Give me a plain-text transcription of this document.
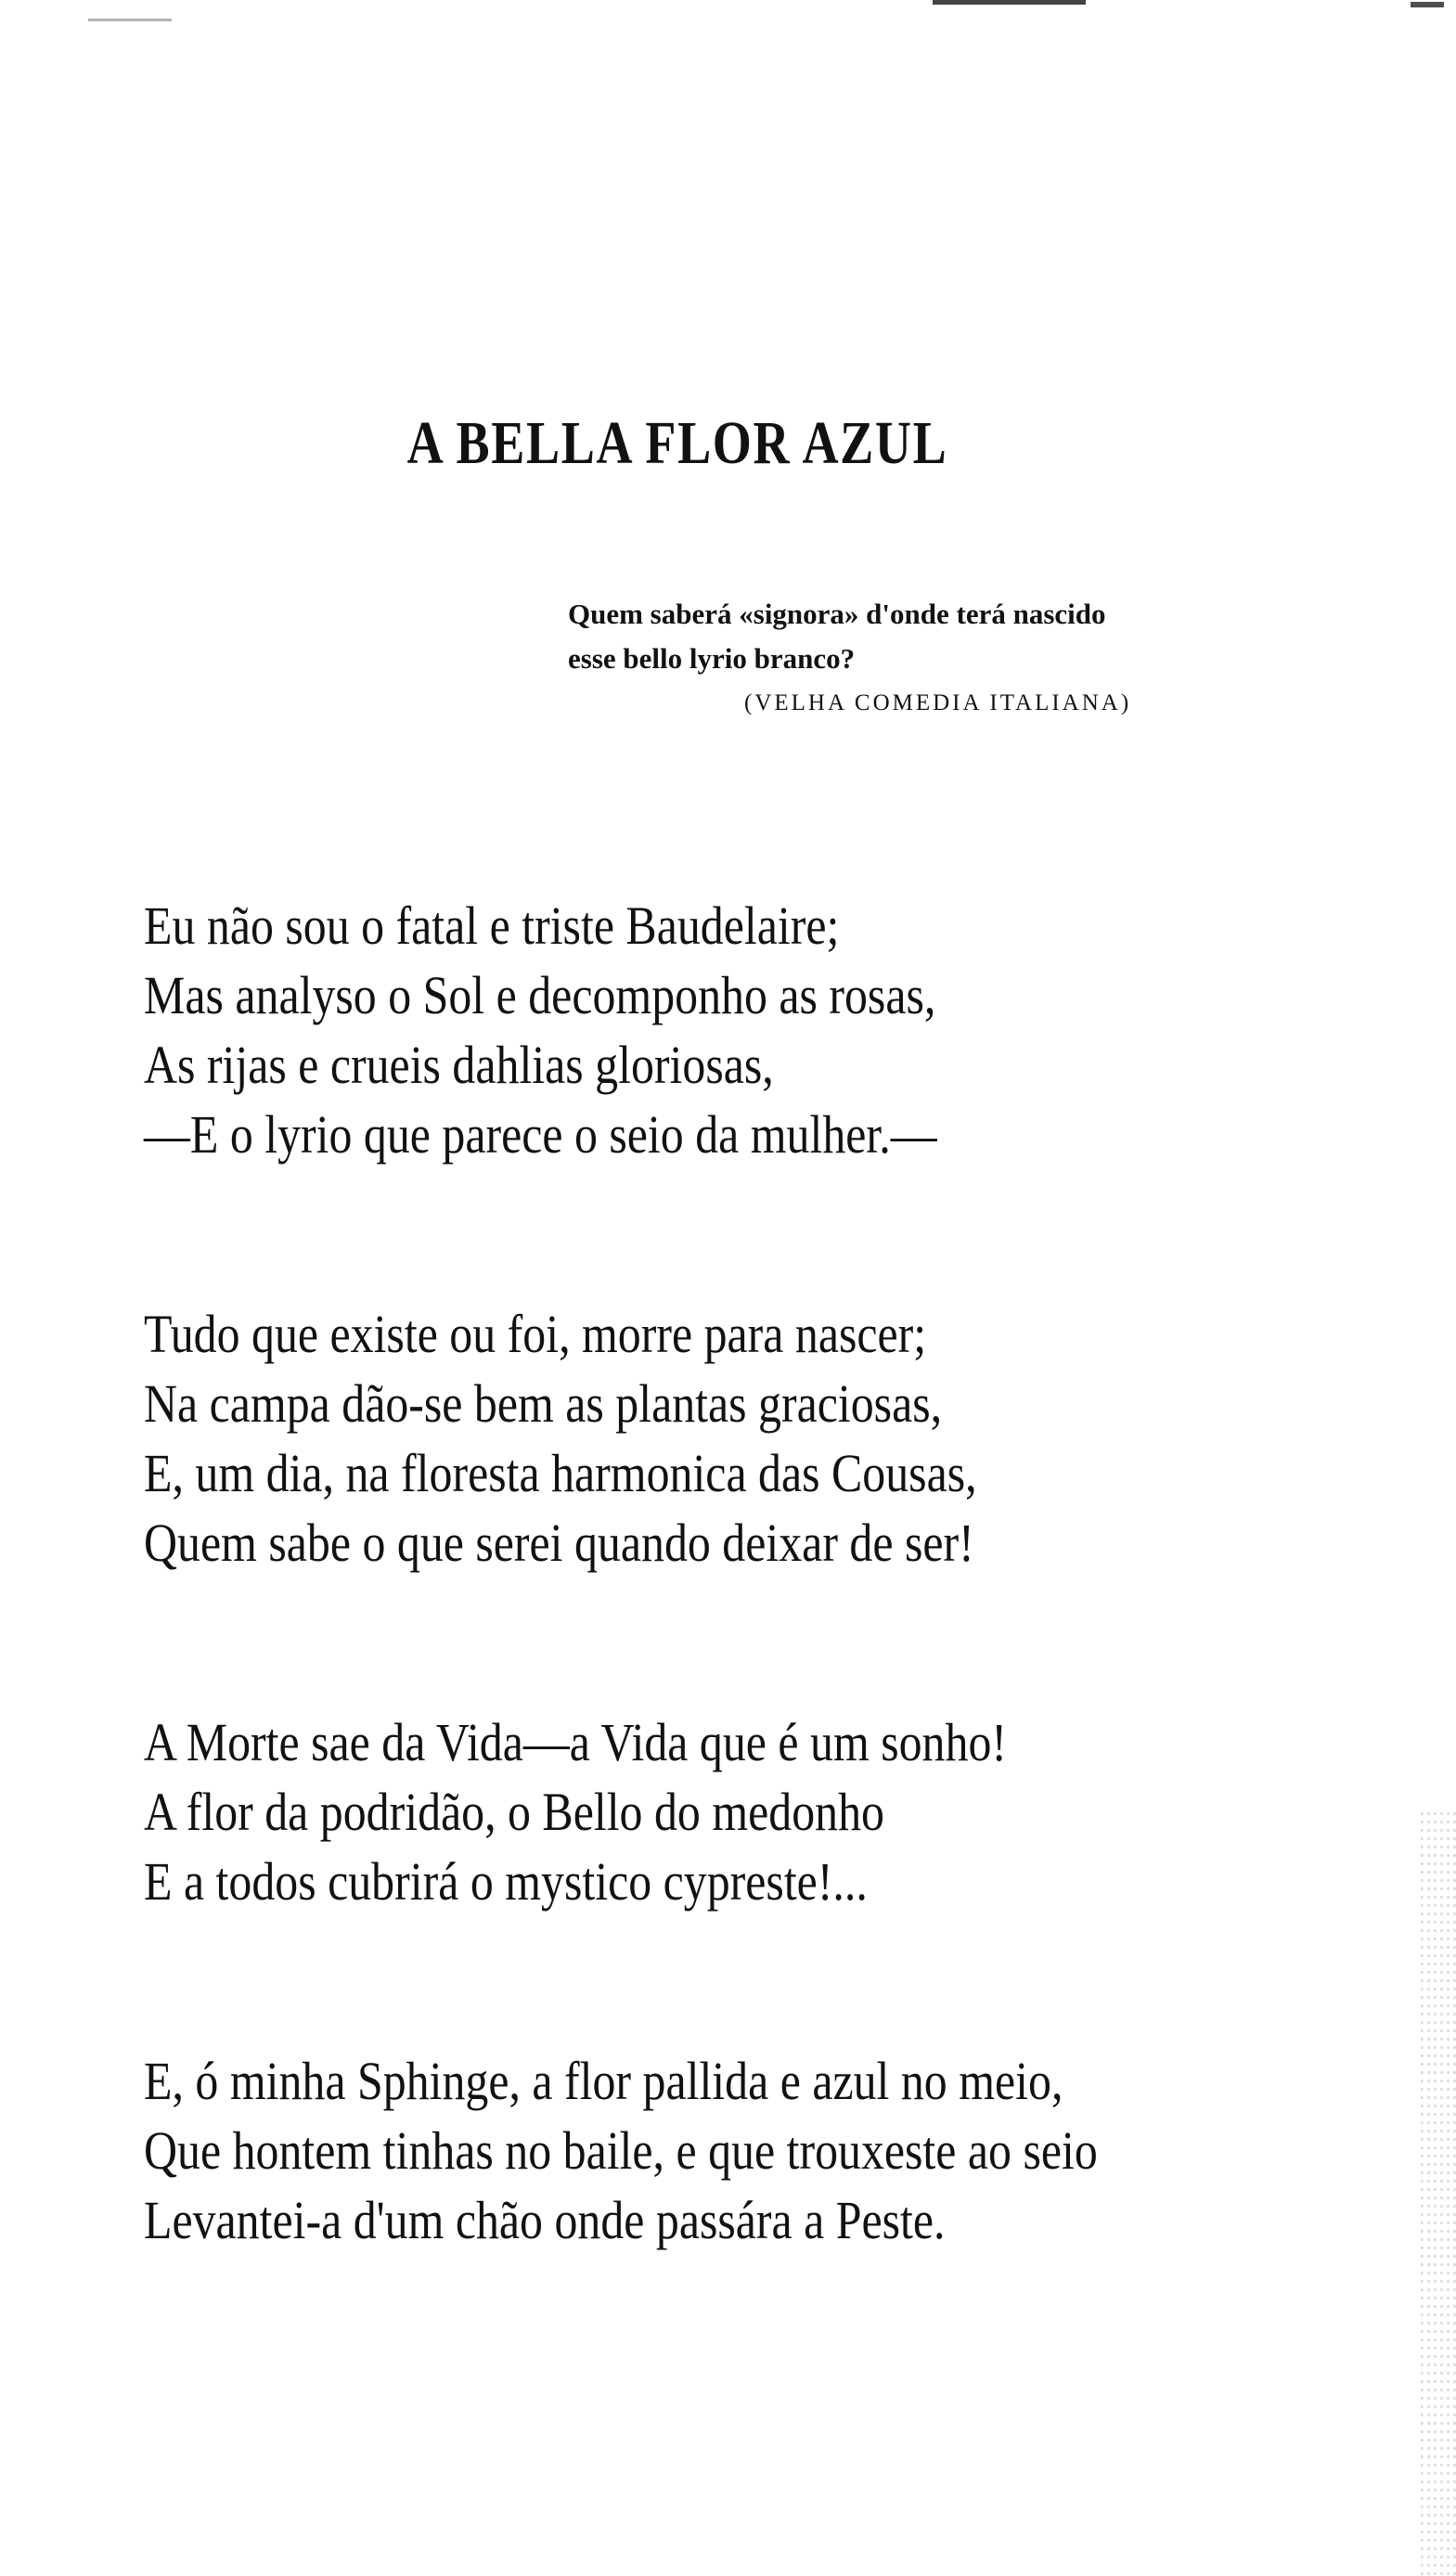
A BELLA FLOR AZUL
Quem saberá «signora» d'onde terá nascido
esse bello lyrio branco?
(VELHA COMEDIA ITALIANA)
Eu não sou o fatal e triste Baudelaire;
Mas analyso o Sol e decomponho as rosas,
As rijas e crueis dahlias gloriosas,
—E o lyrio que parece o seio da mulher.—
Tudo que existe ou foi, morre para nascer;
Na campa dão-se bem as plantas graciosas,
E, um dia, na floresta harmonica das Cousas,
Quem sabe o que serei quando deixar de ser!
A Morte sae da Vida—a Vida que é um sonho!
A flor da podridão, o Bello do medonho
E a todos cubrirá o mystico cypreste!...
E, ó minha Sphinge, a flor pallida e azul no meio,
Que hontem tinhas no baile, e que trouxeste ao seio
Levantei-a d'um chão onde passára a Peste.
